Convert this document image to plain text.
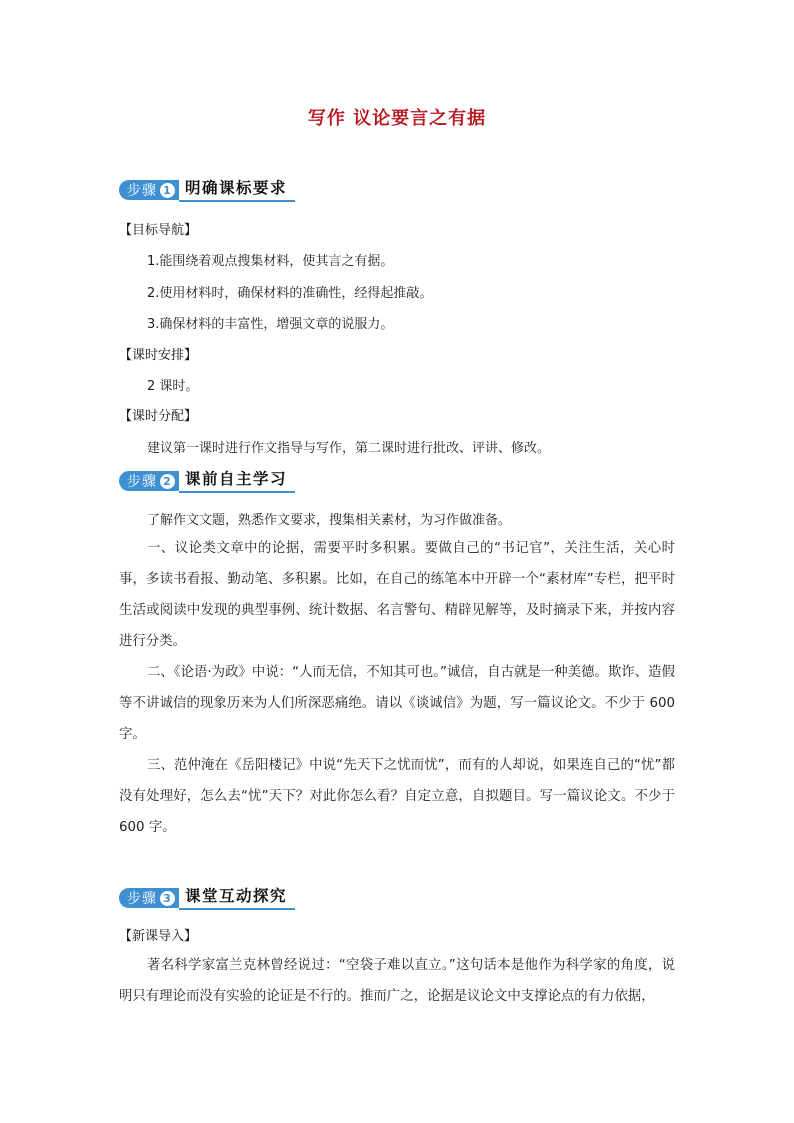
写作 议论要言之有据
步骤 1 明确课标要求
【目标导航】
1.能围绕着观点搜集材料，使其言之有据。
2.使用材料时，确保材料的准确性，经得起推敲。
3.确保材料的丰富性，增强文章的说服力。
【课时安排】
2 课时。
【课时分配】
建议第一课时进行作文指导与写作，第二课时进行批改、评讲、修改。
步骤 2 课前自主学习
了解作文文题，熟悉作文要求，搜集相关素材，为习作做准备。

一、议论类文章中的论据，需要平时多积累。要做自己的“书记官”，关注生活，关心时事，多读书看报、勤动笔、多积累。比如，在自己的练笔本中开辟一个“素材库”专栏，把平时生活或阅读中发现的典型事例、统计数据、名言警句、精辟见解等，及时摘录下来，并按内容进行分类。

二、《论语·为政》中说：“人而无信，不知其可也。”诚信，自古就是一种美德。欺诈、造假等不讲诚信的现象历来为人们所深恶痛绝。请以《谈诚信》为题，写一篇议论文。不少于 600 字。

三、范仲淹在《岳阳楼记》中说“先天下之忧而忧”，而有的人却说，如果连自己的“忧”都没有处理好，怎么去“忧”天下？对此你怎么看？自定立意，自拟题目。写一篇议论文。不少于 600 字。

步骤 3 课堂互动探究
【新课导入】

著名科学家富兰克林曾经说过：“空袋子难以直立。”这句话本是他作为科学家的角度，说明只有理论而没有实验的论证是不行的。推而广之，论据是议论文中支撑论点的有力依据，
